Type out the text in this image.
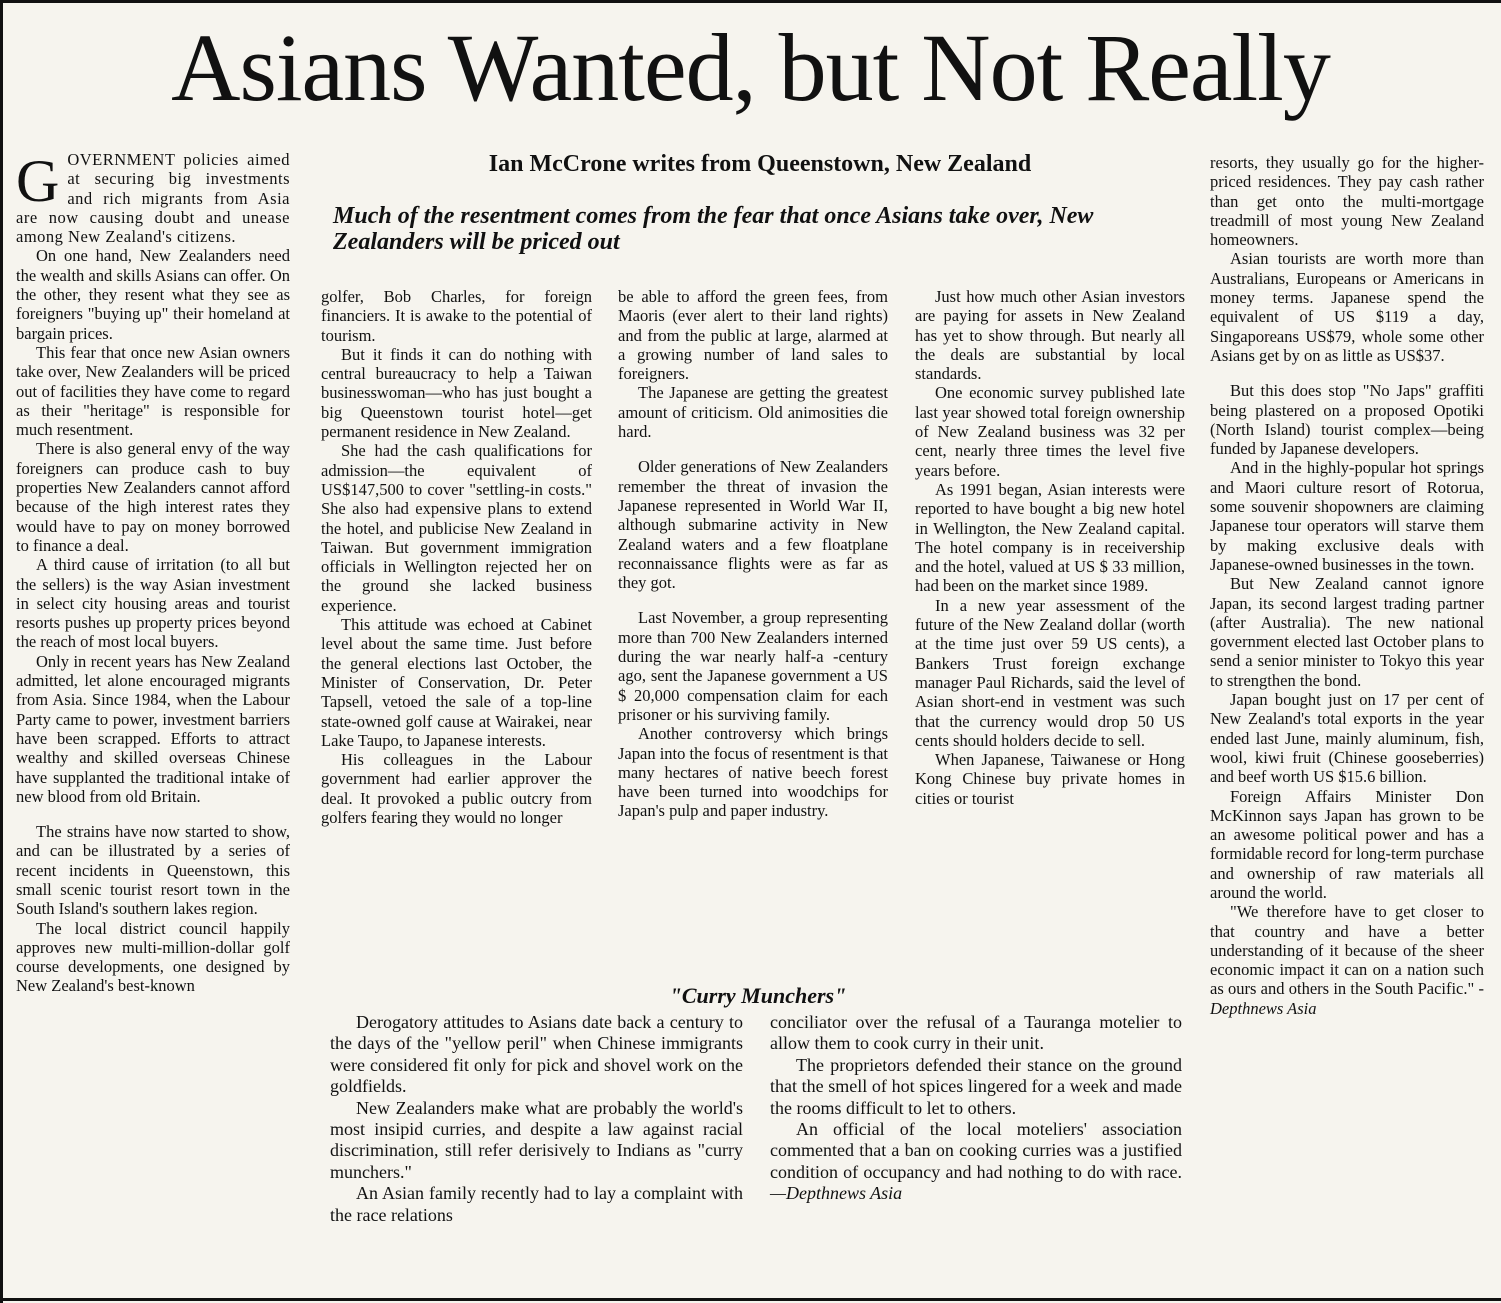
Asians Wanted, but Not Really
Ian McCrone writes from Queenstown, New Zealand
Much of the resentment comes from the fear that once Asians take over, New Zealanders will be priced out

GOVERNMENT policies aimed at securing big investments and rich migrants from Asia are now causing doubt and unease among New Zealand's citizens.

On one hand, New Zealanders need the wealth and skills Asians can offer. On the other, they resent what they see as foreigners "buying up" their homeland at bargain prices.

This fear that once new Asian owners take over, New Zealanders will be priced out of facilities they have come to regard as their "heritage" is responsible for much resentment.

There is also general envy of the way foreigners can produce cash to buy properties New Zealanders cannot afford because of the high interest rates they would have to pay on money borrowed to finance a deal.

A third cause of irritation (to all but the sellers) is the way Asian investment in select city housing areas and tourist resorts pushes up property prices beyond the reach of most local buyers.

Only in recent years has New Zealand admitted, let alone encouraged migrants from Asia. Since 1984, when the Labour Party came to power, investment barriers have been scrapped. Efforts to attract wealthy and skilled overseas Chinese have supplanted the traditional intake of new blood from old Britain.

The strains have now started to show, and can be illustrated by a series of recent incidents in Queenstown, this small scenic tourist resort town in the South Island's southern lakes region.

The local district council happily approves new multi-million-dollar golf course developments, one designed by New Zealand's best-known

golfer, Bob Charles, for foreign financiers. It is awake to the potential of tourism.

But it finds it can do nothing with central bureaucracy to help a Taiwan businesswoman—who has just bought a big Queenstown tourist hotel—get permanent residence in New Zealand.

She had the cash qualifications for admission—the equivalent of US$147,500 to cover "settling-in costs." She also had expensive plans to extend the hotel, and publicise New Zealand in Taiwan. But government immigration officials in Wellington rejected her on the ground she lacked business experience.

This attitude was echoed at Cabinet level about the same time. Just before the general elections last October, the Minister of Conservation, Dr. Peter Tapsell, vetoed the sale of a top-line state-owned golf cause at Wairakei, near Lake Taupo, to Japanese interests.

His colleagues in the Labour government had earlier approver the deal. It provoked a public outcry from golfers fearing they would no longer

be able to afford the green fees, from Maoris (ever alert to their land rights) and from the public at large, alarmed at a growing number of land sales to foreigners.

The Japanese are getting the greatest amount of criticism. Old animosities die hard.

Older generations of New Zealanders remember the threat of invasion the Japanese represented in World War II, although submarine activity in New Zealand waters and a few floatplane reconnaissance flights were as far as they got.

Last November, a group representing more than 700 New Zealanders interned during the war nearly half-a -century ago, sent the Japanese government a US $ 20,000 compensation claim for each prisoner or his surviving family.

Another controversy which brings Japan into the focus of resentment is that many hectares of native beech forest have been turned into woodchips for Japan's pulp and paper industry.

Just how much other Asian investors are paying for assets in New Zealand has yet to show through. But nearly all the deals are substantial by local standards.

One economic survey published late last year showed total foreign ownership of New Zealand business was 32 per cent, nearly three times the level five years before.

As 1991 began, Asian interests were reported to have bought a big new hotel in Wellington, the New Zealand capital. The hotel company is in receivership and the hotel, valued at US $ 33 million, had been on the market since 1989.

In a new year assessment of the future of the New Zealand dollar (worth at the time just over 59 US cents), a Bankers Trust foreign exchange manager Paul Richards, said the level of Asian short-end in vestment was such that the currency would drop 50 US cents should holders decide to sell.

When Japanese, Taiwanese or Hong Kong Chinese buy private homes in cities or tourist

resorts, they usually go for the higher-priced residences. They pay cash rather than get onto the multi-mortgage treadmill of most young New Zealand homeowners.

Asian tourists are worth more than Australians, Europeans or Americans in money terms. Japanese spend the equivalent of US $119 a day, Singaporeans US$79, whole some other Asians get by on as little as US$37.

But this does stop "No Japs" graffiti being plastered on a proposed Opotiki (North Island) tourist complex—being funded by Japanese developers.

And in the highly-popular hot springs and Maori culture resort of Rotorua, some souvenir shopowners are claiming Japanese tour operators will starve them by making exclusive deals with Japanese-owned businesses in the town.

But New Zealand cannot ignore Japan, its second largest trading partner (after Australia). The new national government elected last October plans to send a senior minister to Tokyo this year to strengthen the bond.

Japan bought just on 17 per cent of New Zealand's total exports in the year ended last June, mainly aluminum, fish, wool, kiwi fruit (Chinese gooseberries) and beef worth US $15.6 billion.

Foreign Affairs Minister Don McKinnon says Japan has grown to be an awesome political power and has a formidable record for long-term purchase and ownership of raw materials all around the world.

"We therefore have to get closer to that country and have a better understanding of it because of the sheer economic impact it can on a nation such as ours and others in the South Pacific." -Depthnews Asia

"Curry Munchers"

Derogatory attitudes to Asians date back a century to the days of the "yellow peril" when Chinese immigrants were considered fit only for pick and shovel work on the goldfields.

New Zealanders make what are probably the world's most insipid curries, and despite a law against racial discrimination, still refer derisively to Indians as "curry munchers."

An Asian family recently had to lay a complaint with the race relations

conciliator over the refusal of a Tauranga motelier to allow them to cook curry in their unit.

The proprietors defended their stance on the ground that the smell of hot spices lingered for a week and made the rooms difficult to let to others.

An official of the local moteliers' association commented that a ban on cooking curries was a justified condition of occupancy and had nothing to do with race. —Depthnews Asia
